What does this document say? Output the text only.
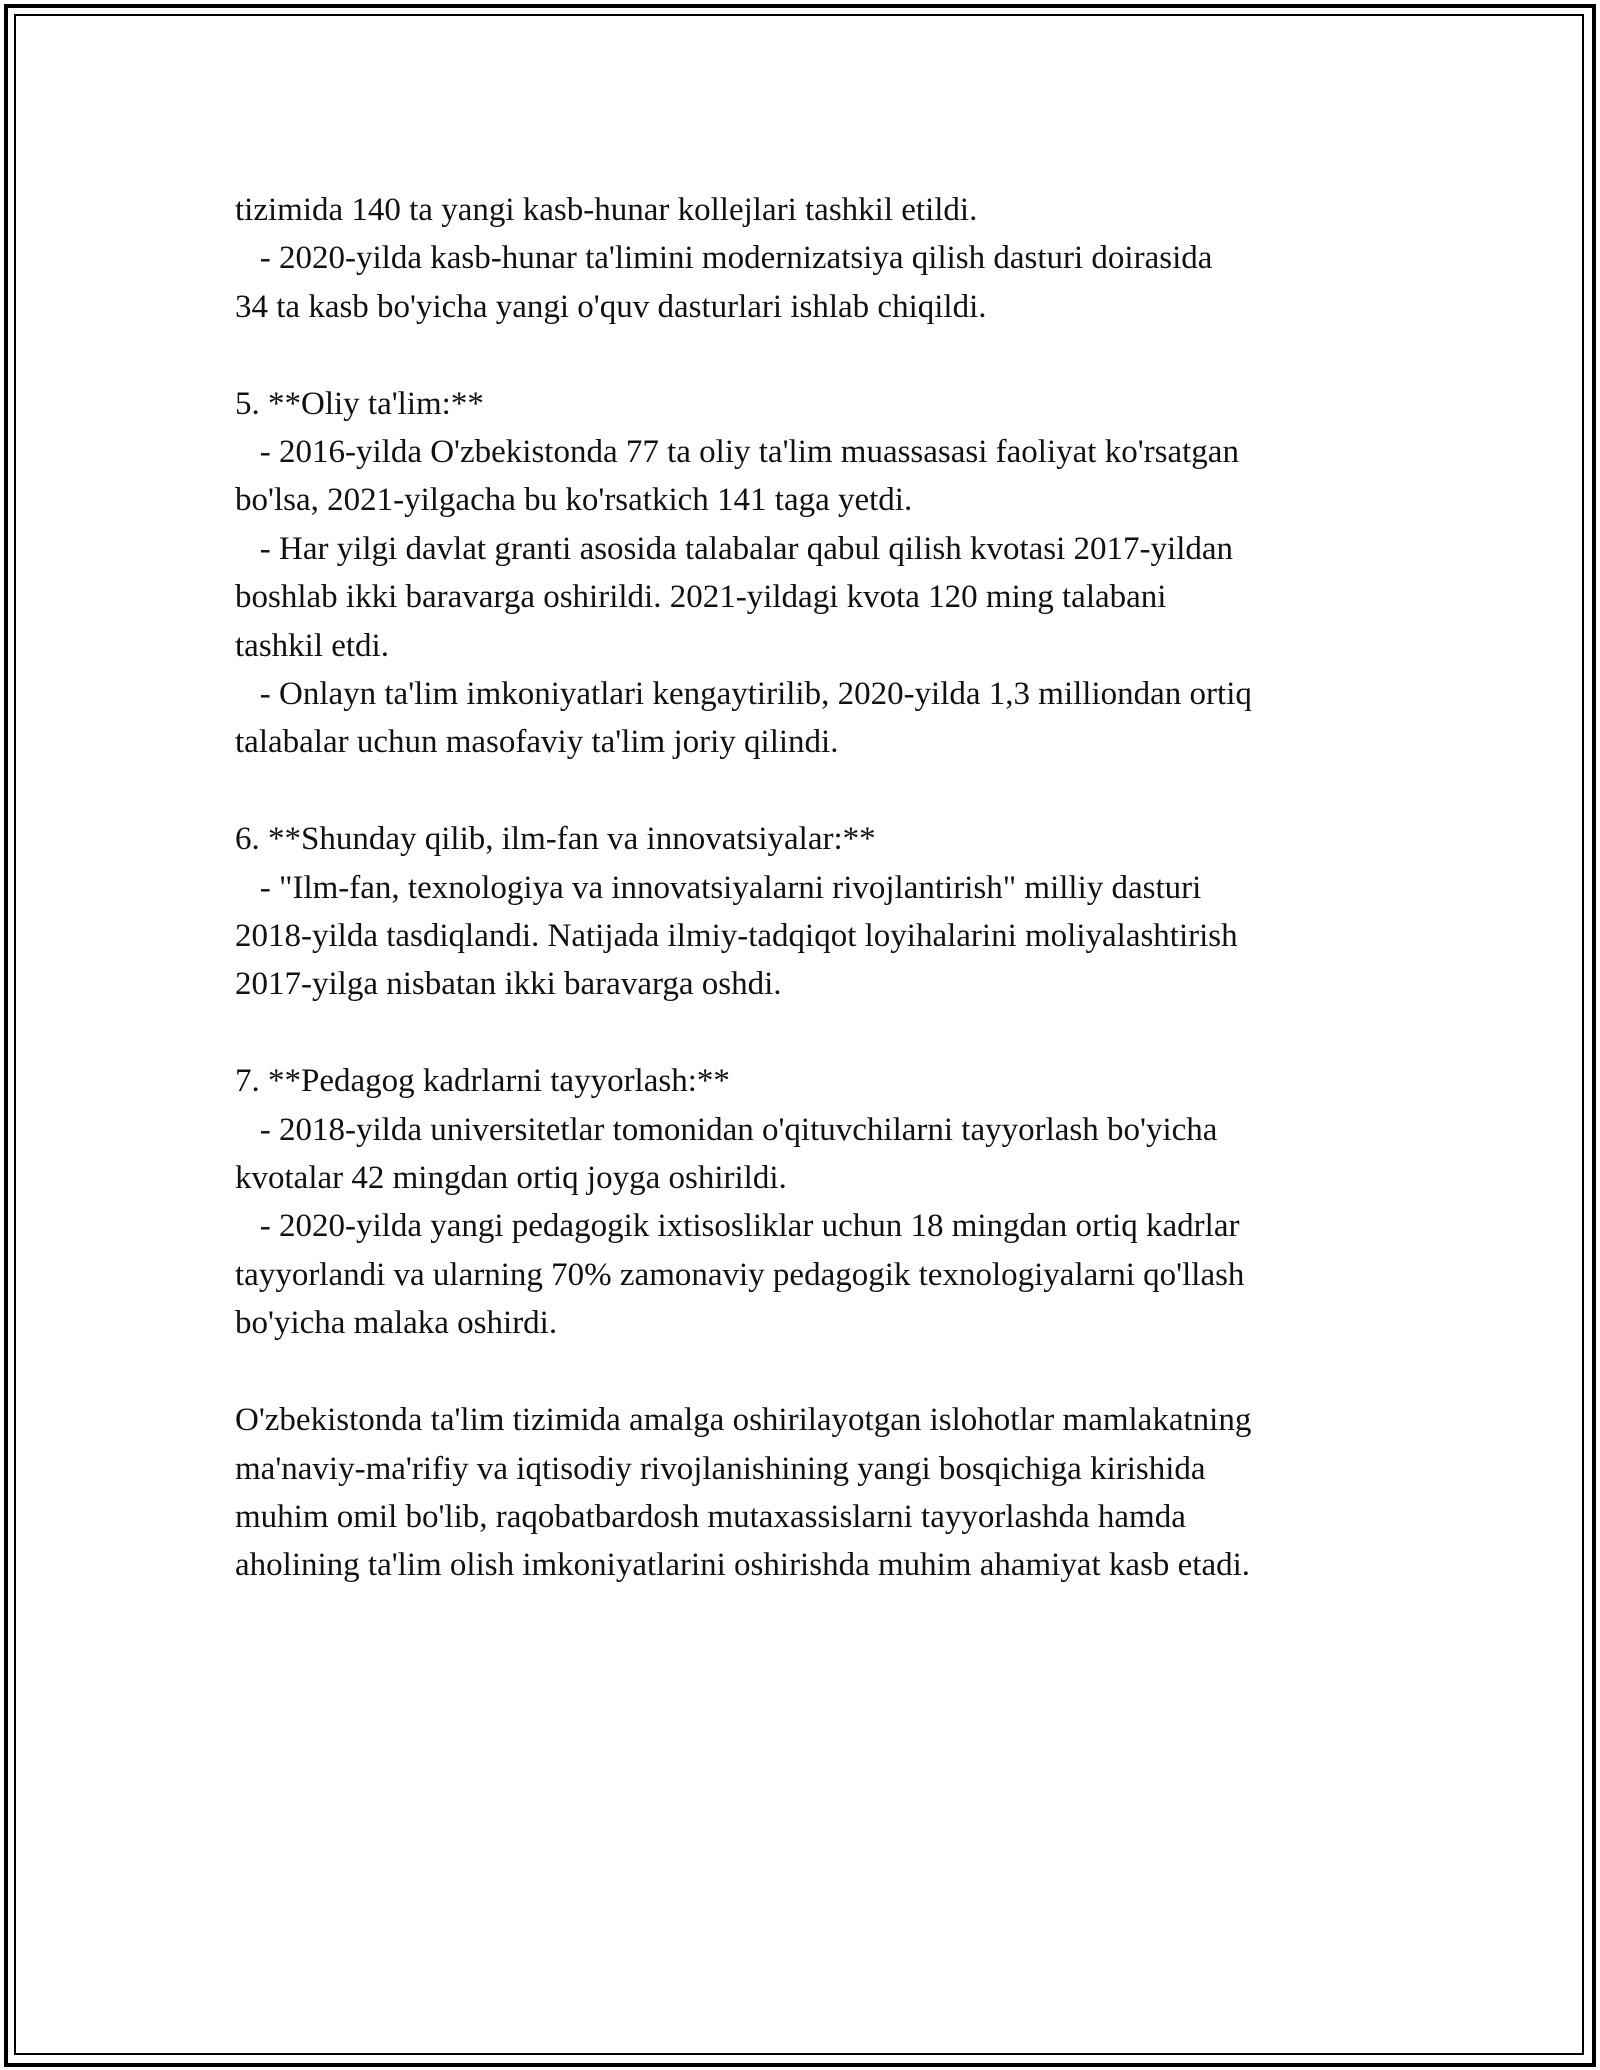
tizimida 140 ta yangi kasb-hunar kollejlari tashkil etildi.

- 2020-yilda kasb-hunar ta'limini modernizatsiya qilish dasturi doirasida

34 ta kasb bo'yicha yangi o'quv dasturlari ishlab chiqildi.

5. **Oliy ta'lim:**

- 2016-yilda O'zbekistonda 77 ta oliy ta'lim muassasasi faoliyat ko'rsatgan

bo'lsa, 2021-yilgacha bu ko'rsatkich 141 taga yetdi.

- Har yilgi davlat granti asosida talabalar qabul qilish kvotasi 2017-yildan

boshlab ikki baravarga oshirildi. 2021-yildagi kvota 120 ming talabani

tashkil etdi.

- Onlayn ta'lim imkoniyatlari kengaytirilib, 2020-yilda 1,3 milliondan ortiq

talabalar uchun masofaviy ta'lim joriy qilindi.

6. **Shunday qilib, ilm-fan va innovatsiyalar:**

- "Ilm-fan, texnologiya va innovatsiyalarni rivojlantirish" milliy dasturi

2018-yilda tasdiqlandi. Natijada ilmiy-tadqiqot loyihalarini moliyalashtirish

2017-yilga nisbatan ikki baravarga oshdi.

7. **Pedagog kadrlarni tayyorlash:**

- 2018-yilda universitetlar tomonidan o'qituvchilarni tayyorlash bo'yicha

kvotalar 42 mingdan ortiq joyga oshirildi.

- 2020-yilda yangi pedagogik ixtisosliklar uchun 18 mingdan ortiq kadrlar

tayyorlandi va ularning 70% zamonaviy pedagogik texnologiyalarni qo'llash

bo'yicha malaka oshirdi.

O'zbekistonda ta'lim tizimida amalga oshirilayotgan islohotlar mamlakatning

ma'naviy-ma'rifiy va iqtisodiy rivojlanishining yangi bosqichiga kirishida

muhim omil bo'lib, raqobatbardosh mutaxassislarni tayyorlashda hamda

aholining ta'lim olish imkoniyatlarini oshirishda muhim ahamiyat kasb etadi.
